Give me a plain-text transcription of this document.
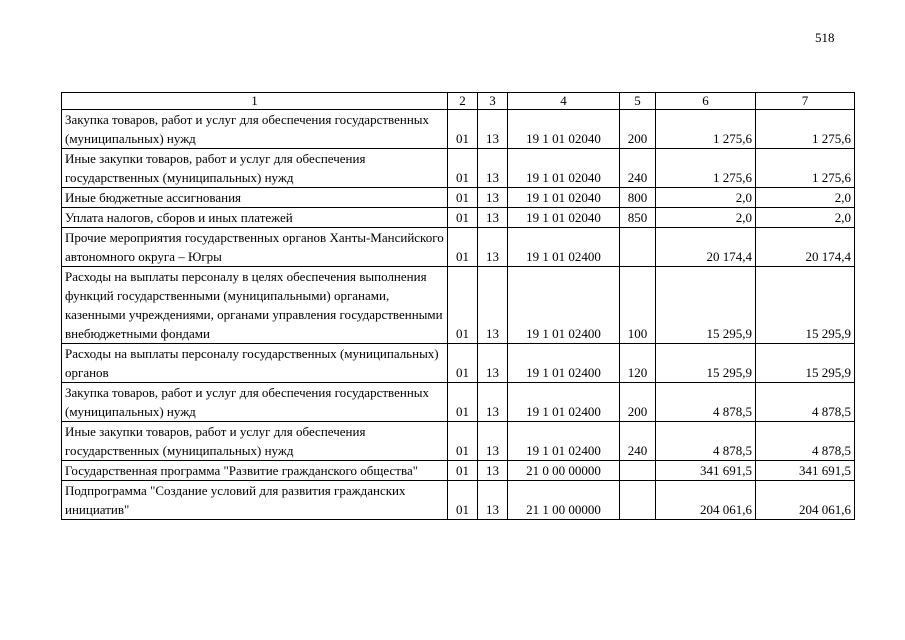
518
1	2	3	4	5	6	7
Закупка товаров, работ и услуг для обеспечения государственных (муниципальных) нужд	01	13	19 1 01 02040	200	1 275,6	1 275,6
Иные закупки товаров, работ и услуг для обеспечения государственных (муниципальных) нужд	01	13	19 1 01 02040	240	1 275,6	1 275,6
Иные бюджетные ассигнования	01	13	19 1 01 02040	800	2,0	2,0
Уплата налогов, сборов и иных платежей	01	13	19 1 01 02040	850	2,0	2,0
Прочие мероприятия государственных органов Ханты-Мансийского автономного округа – Югры	01	13	19 1 01 02400		20 174,4	20 174,4
Расходы на выплаты персоналу в целях обеспечения выполнения функций государственными (муниципальными) органами, казенными учреждениями, органами управления государственными внебюджетными фондами	01	13	19 1 01 02400	100	15 295,9	15 295,9
Расходы на выплаты персоналу государственных (муниципальных) органов	01	13	19 1 01 02400	120	15 295,9	15 295,9
Закупка товаров, работ и услуг для обеспечения государственных (муниципальных) нужд	01	13	19 1 01 02400	200	4 878,5	4 878,5
Иные закупки товаров, работ и услуг для обеспечения государственных (муниципальных) нужд	01	13	19 1 01 02400	240	4 878,5	4 878,5
Государственная программа "Развитие гражданского общества"	01	13	21 0 00 00000		341 691,5	341 691,5
Подпрограмма "Создание условий для развития гражданских инициатив"	01	13	21 1 00 00000		204 061,6	204 061,6
